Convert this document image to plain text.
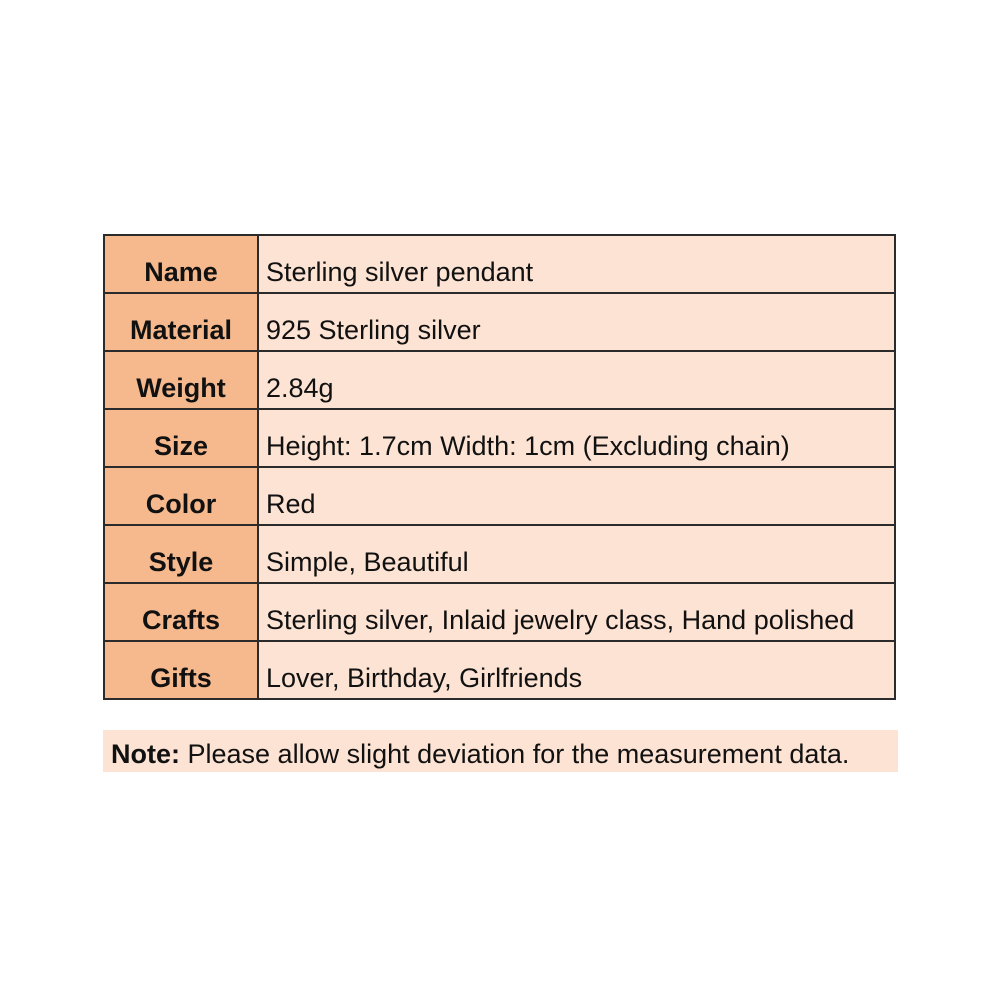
Name	Sterling silver pendant
Material	925 Sterling silver
Weight	2.84g
Size	Height: 1.7cm Width: 1cm (Excluding chain)
Color	Red
Style	Simple, Beautiful
Crafts	Sterling silver, Inlaid jewelry class, Hand polished
Gifts	Lover, Birthday, Girlfriends
Note: Please allow slight deviation for the measurement data.
